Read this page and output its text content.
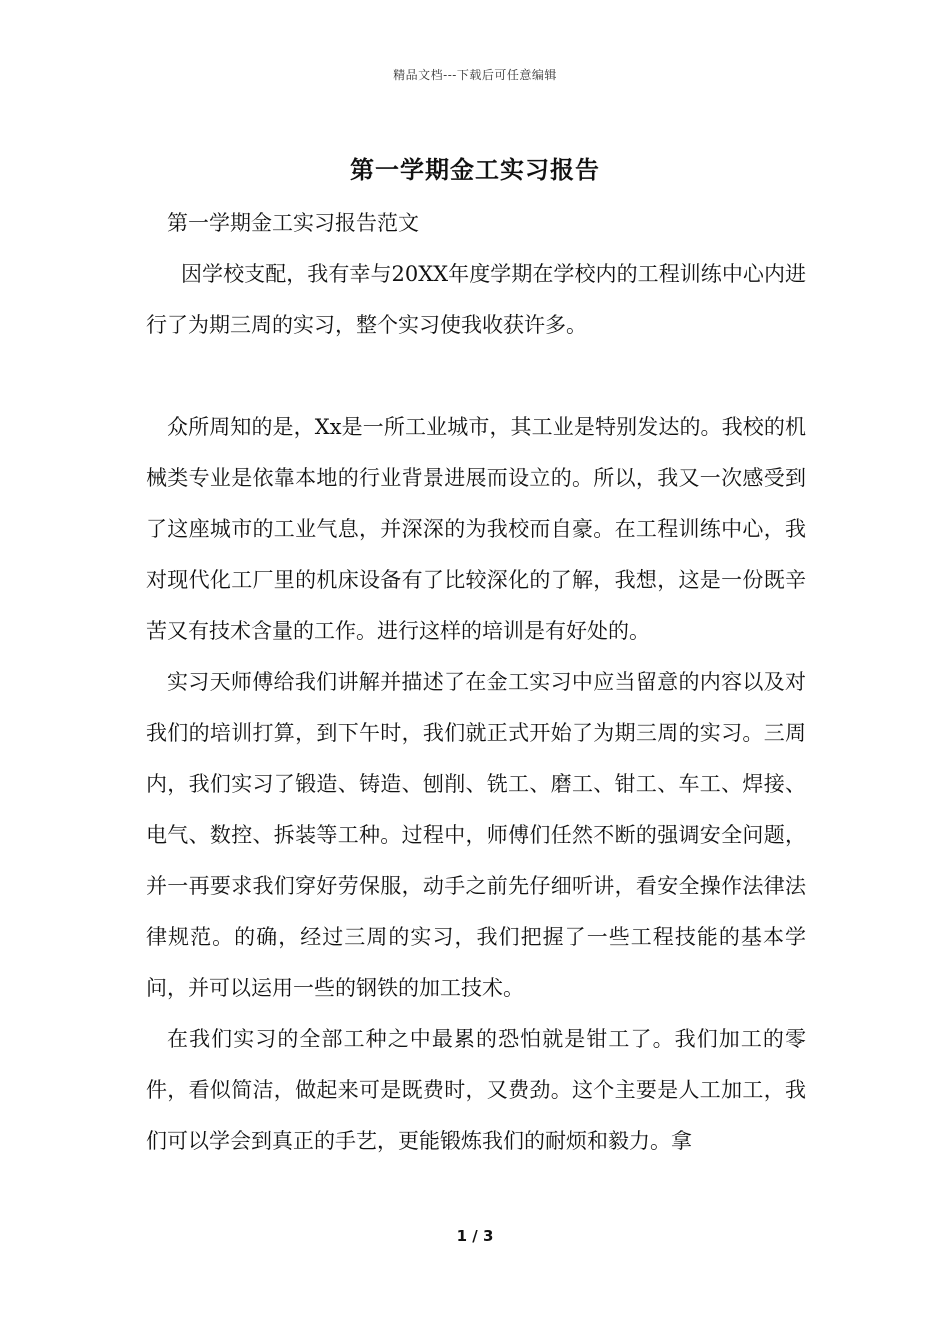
精品文档---下载后可任意编辑
第一学期金工实习报告

第一学期金工实习报告范文

因学校支配，我有幸与20XX年度学期在学校内的工程训练中心内进行了为期三周的实习，整个实习使我收获许多。

众所周知的是，Xx是一所工业城市，其工业是特别发达的。我校的机械类专业是依靠本地的行业背景进展而设立的。所以，我又一次感受到了这座城市的工业气息，并深深的为我校而自豪。在工程训练中心，我对现代化工厂里的机床设备有了比较深化的了解，我想，这是一份既辛苦又有技术含量的工作。进行这样的培训是有好处的。

实习天师傅给我们讲解并描述了在金工实习中应当留意的内容以及对我们的培训打算，到下午时，我们就正式开始了为期三周的实习。三周内，我们实习了锻造、铸造、刨削、铣工、磨工、钳工、车工、焊接、电气、数控、拆装等工种。过程中，师傅们任然不断的强调安全问题，并一再要求我们穿好劳保服，动手之前先仔细听讲，看安全操作法律法律规范。的确，经过三周的实习，我们把握了一些工程技能的基本学问，并可以运用一些的钢铁的加工技术。

在我们实习的全部工种之中最累的恐怕就是钳工了。我们加工的零件，看似简洁，做起来可是既费时，又费劲。这个主要是人工加工，我们可以学会到真正的手艺，更能锻炼我们的耐烦和毅力。拿

1 / 3
